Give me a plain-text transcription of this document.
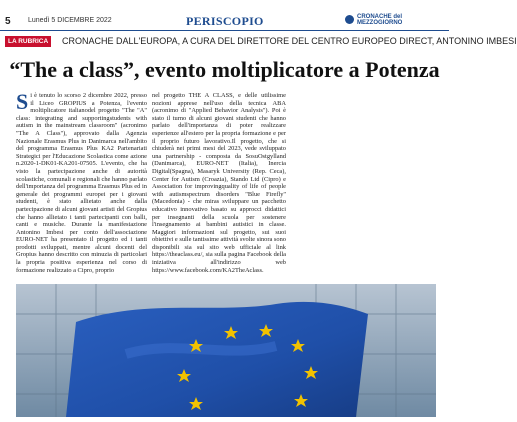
5 Lunedì 5 DICEMBRE 2022	PERISCOPIO	CRONACHE del
MEZZOGIORNO
LA RUBRICA	CRONACHE DALL'EUROPA, A CURA DEL DIRETTORE DEL CENTRO EUROPEO DIRECT, ANTONINO IMBESI
“The a class”, evento moltiplicatore a Potenza
S i è tenuto lo scorso 2 dicembre 2022, presso il Liceo GROPIUS a Potenza, l'evento moltiplicatore italianodel progetto "The "A" class: integrating and supportingstudents with autism in the mainstream classroom" (acronimo "The A Class"), approvato dalla Agenzia Nazionale Erasmus Plus in Danimarca nell'ambito del programma Erasmus Plus KA2 Partenariati Strategici per l'Educazione Scolastica come azione n.2020-1-DK01-KA201-07505. L'evento, che ha visto la partecipazione anche di autorità scolastiche, comunali e regionali che hanno parlato dell'importanza del programma Erasmus Plus ed in generale dei programmi europei per i giovani studenti, è stato allietato anche dalla partecipazione di alcuni giovani artisti del Gropius che hanno allietato i tanti partecipanti con balli, canti e musiche. Durante la manifestazione Antonino Imbesi per conto dell'associazione EURO-NET ha presentato il progetto ed i tanti prodotti sviluppati, mentre alcuni docenti del Gropius hanno descritto con minuzia di particolari la propria positiva esperienza nel corso di formazione realizzato a Cipro, proprio
nel progetto THE A CLASS, e delle utilissime nozioni apprese nell'uso della tecnica ABA (acronimo di "Applied Behavior Analysis"). Poi è stato il turno di alcuni giovani studenti che hanno parlato dell'importanza di poter realizzare esperienze all'estero per la propria formazione e per il proprio futuro lavorativo.Il progetto, che si chiuderà nei primi mesi del 2023, vede sviluppato una partnership - composta da SosuOstgylland (Danimarca), EURO-NET (Italia), Inercia Digital(Spagna), Masaryk University (Rep. Ceca), Center for Autism (Croazia), Stando Ltd (Cipro) e Association for improvingquality of life of people with autismspectrum disorders "Blue Firefly" (Macedonia) - che miras sviluppare un pacchetto educativo innovativo basato su approcci didattici per insegnanti della scuola per sostenere l'insegnamento ai bambini autistici in classe. Maggiori informazioni sul progetto, sui suoi obiettivi e sulle tantissime attività svolte sinora sono disponibili sia sul sito web ufficiale al link https://theaclass.eu/, sia sulla pagina Facebook della iniziativa all'indirizzo web https://www.facebook.com/KA2TheAclass.
